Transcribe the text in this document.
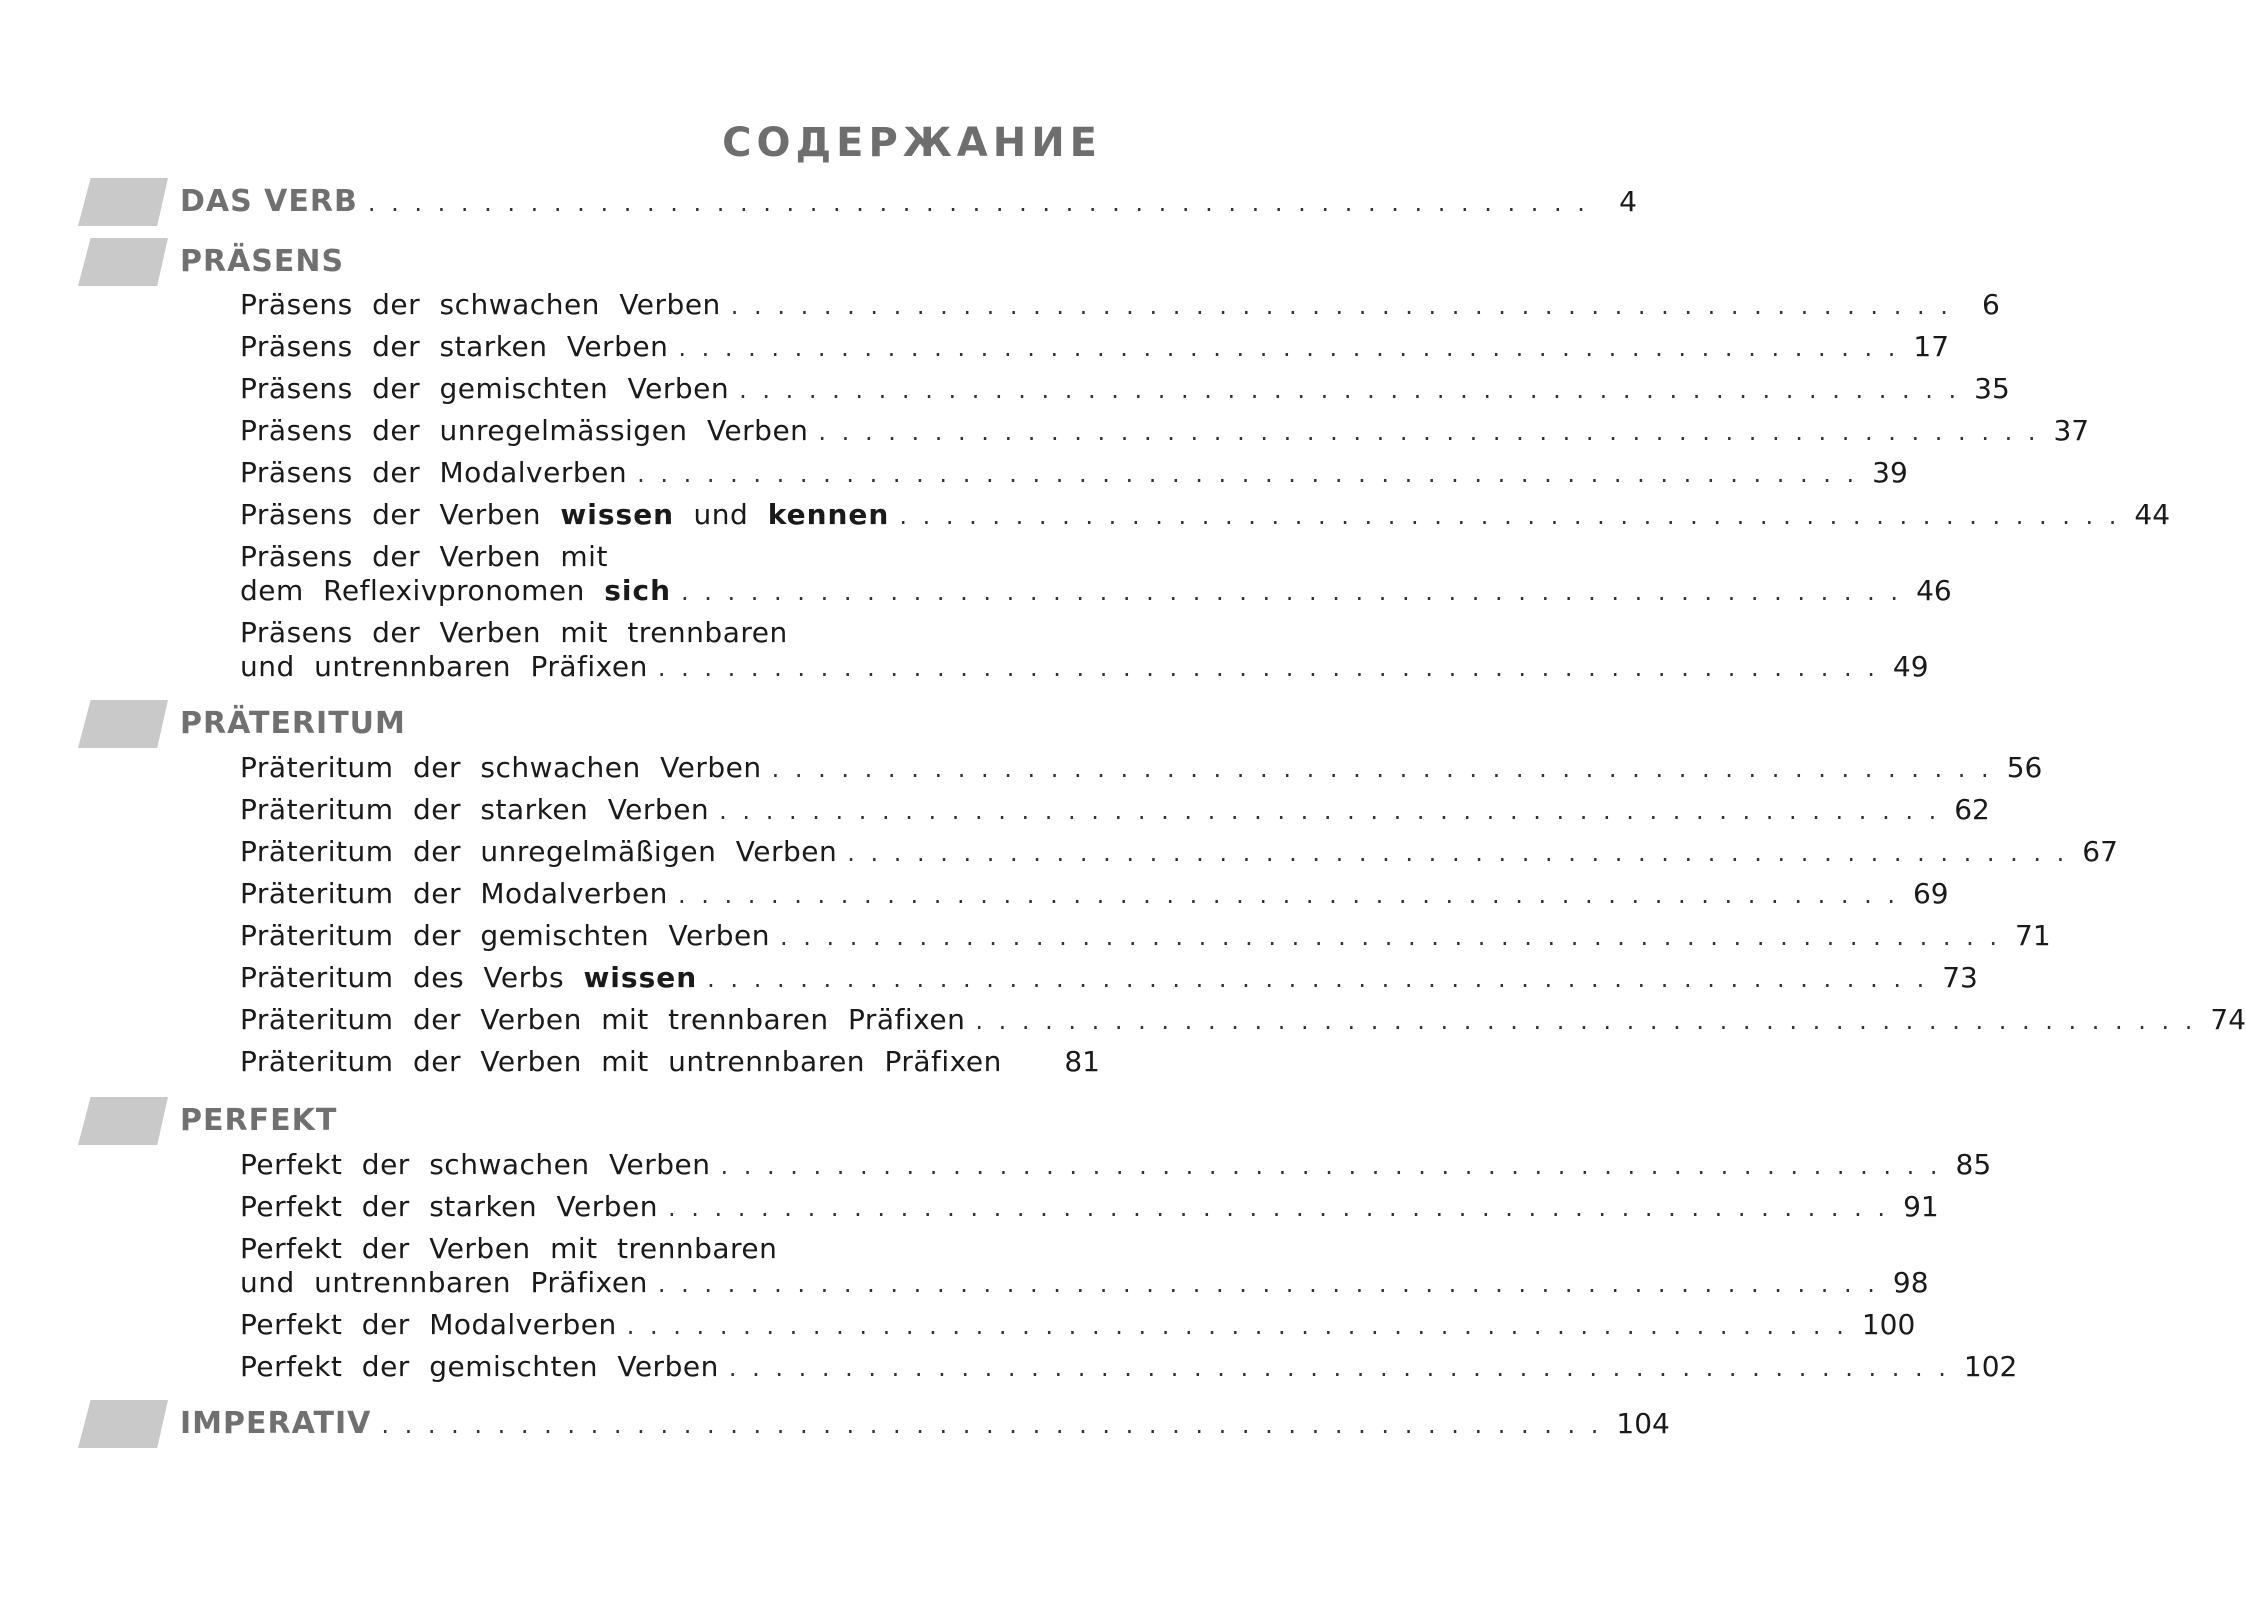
СОДЕРЖАНИЕ
DAS VERB . . . . . . . . . . . . . . . . . . . . . . . . . . . . . . . . . . . . . . . . . . . . . . . . . . . . .	4
PRÄSENS
Präsens der schwachen Verben . . . . . . . . . . . . . . . . . . . . . . . . . . . . . . . . . . . . . . . . . . . . . . . . . . . . .	6
Präsens der starken Verben . . . . . . . . . . . . . . . . . . . . . . . . . . . . . . . . . . . . . . . . . . . . . . . . . . . . . 17
Präsens der gemischten Verben . . . . . . . . . . . . . . . . . . . . . . . . . . . . . . . . . . . . . . . . . . . . . . . . . . . . . 35
Präsens der unregelmässigen Verben . . . . . . . . . . . . . . . . . . . . . . . . . . . . . . . . . . . . . . . . . . . . . . . . . . . . . 37
Präsens der Modalverben . . . . . . . . . . . . . . . . . . . . . . . . . . . . . . . . . . . . . . . . . . . . . . . . . . . . . 39
Präsens der Verben wissen und kennen . . . . . . . . . . . . . . . . . . . . . . . . . . . . . . . . . . . . . . . . . . . . . . . . . . . . . 44
Präsens der Verben mit
dem Reflexivpronomen sich . . . . . . . . . . . . . . . . . . . . . . . . . . . . . . . . . . . . . . . . . . . . . . . . . . . . . 46
Präsens der Verben mit trennbaren
und untrennbaren Präfixen . . . . . . . . . . . . . . . . . . . . . . . . . . . . . . . . . . . . . . . . . . . . . . . . . . . . . 49
PRÄTERITUM
Präteritum der schwachen Verben . . . . . . . . . . . . . . . . . . . . . . . . . . . . . . . . . . . . . . . . . . . . . . . . . . . . . 56
Präteritum der starken Verben . . . . . . . . . . . . . . . . . . . . . . . . . . . . . . . . . . . . . . . . . . . . . . . . . . . . . 62
Präteritum der unregelmäßigen Verben . . . . . . . . . . . . . . . . . . . . . . . . . . . . . . . . . . . . . . . . . . . . . . . . . . . . . 67
Präteritum der Modalverben . . . . . . . . . . . . . . . . . . . . . . . . . . . . . . . . . . . . . . . . . . . . . . . . . . . . . 69
Präteritum der gemischten Verben . . . . . . . . . . . . . . . . . . . . . . . . . . . . . . . . . . . . . . . . . . . . . . . . . . . . . 71
Präteritum des Verbs wissen . . . . . . . . . . . . . . . . . . . . . . . . . . . . . . . . . . . . . . . . . . . . . . . . . . . . . 73
Präteritum der Verben mit trennbaren Präfixen . . . . . . . . . . . . . . . . . . . . . . . . . . . . . . . . . . . . . . . . . . . . . . . . . . . . . 74
Präteritum der Verben mit untrennbaren Präfixen 81
PERFEKT
Perfekt der schwachen Verben . . . . . . . . . . . . . . . . . . . . . . . . . . . . . . . . . . . . . . . . . . . . . . . . . . . . . 85
Perfekt der starken Verben . . . . . . . . . . . . . . . . . . . . . . . . . . . . . . . . . . . . . . . . . . . . . . . . . . . . . 91
Perfekt der Verben mit trennbaren
und untrennbaren Präfixen . . . . . . . . . . . . . . . . . . . . . . . . . . . . . . . . . . . . . . . . . . . . . . . . . . . . . 98
Perfekt der Modalverben . . . . . . . . . . . . . . . . . . . . . . . . . . . . . . . . . . . . . . . . . . . . . . . . . . . . . 100
Perfekt der gemischten Verben . . . . . . . . . . . . . . . . . . . . . . . . . . . . . . . . . . . . . . . . . . . . . . . . . . . . . 102
IMPERATIV . . . . . . . . . . . . . . . . . . . . . . . . . . . . . . . . . . . . . . . . . . . . . . . . . . . . . 104
